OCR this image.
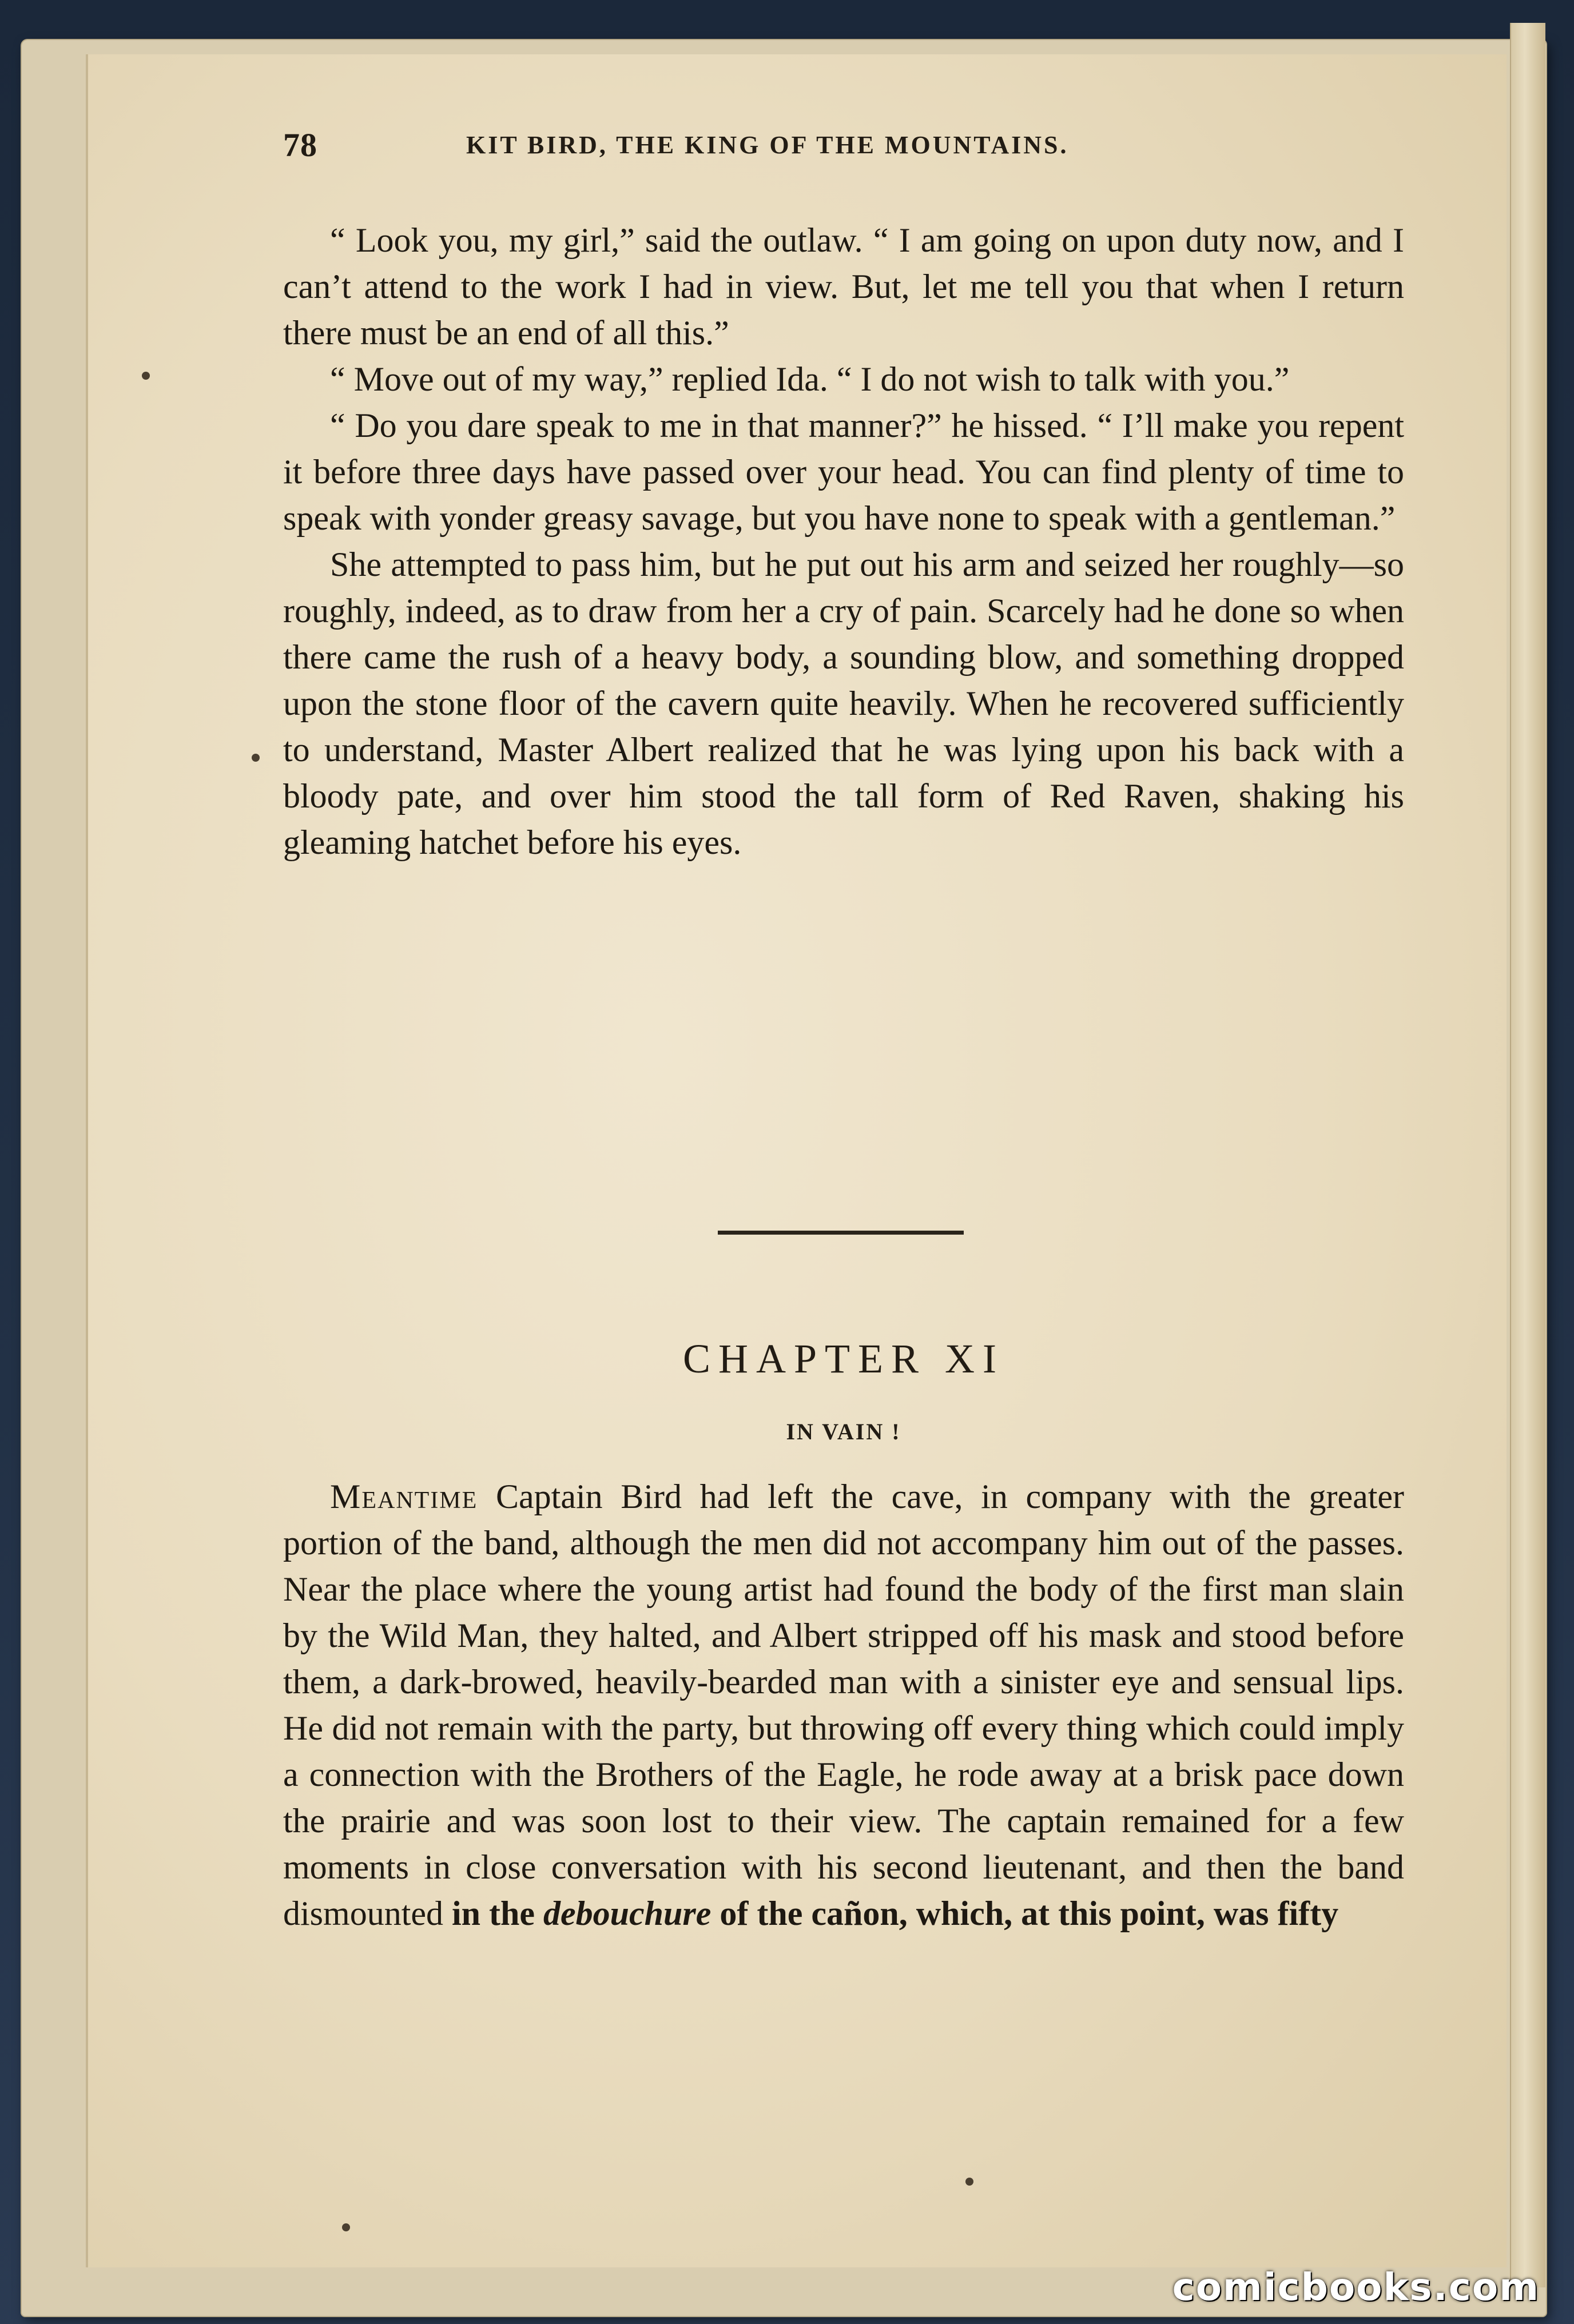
78	KIT BIRD, THE KING OF THE MOUNTAINS.

“ Look you, my girl,” said the outlaw. “ I am going on upon duty now, and I can’t attend to the work I had in view. But, let me tell you that when I return there must be an end of all this.”

“ Move out of my way,” replied Ida. “ I do not wish to talk with you.”

“ Do you dare speak to me in that manner?” he hissed. “ I’ll make you repent it before three days have passed over your head. You can find plenty of time to speak with yonder greasy savage, but you have none to speak with a gentleman.”

She attempted to pass him, but he put out his arm and seized her roughly—so roughly, indeed, as to draw from her a cry of pain. Scarcely had he done so when there came the rush of a heavy body, a sounding blow, and something dropped upon the stone floor of the cavern quite heavily. When he recovered sufficiently to understand, Master Albert realized that he was lying upon his back with a bloody pate, and over him stood the tall form of Red Raven, shaking his gleaming hatchet before his eyes.

CHAPTER XI
IN VAIN !

Meantime Captain Bird had left the cave, in company with the greater portion of the band, although the men did not accompany him out of the passes. Near the place where the young artist had found the body of the first man slain by the Wild Man, they halted, and Albert stripped off his mask and stood before them, a dark-browed, heavily-bearded man with a sinister eye and sensual lips. He did not remain with the party, but throwing off every thing which could imply a connection with the Brothers of the Eagle, he rode away at a brisk pace down the prairie and was soon lost to their view. The captain remained for a few moments in close conversation with his second lieutenant, and then the band dismounted in the debouchure of the cañon, which, at this point, was fifty

comicbooks.com
